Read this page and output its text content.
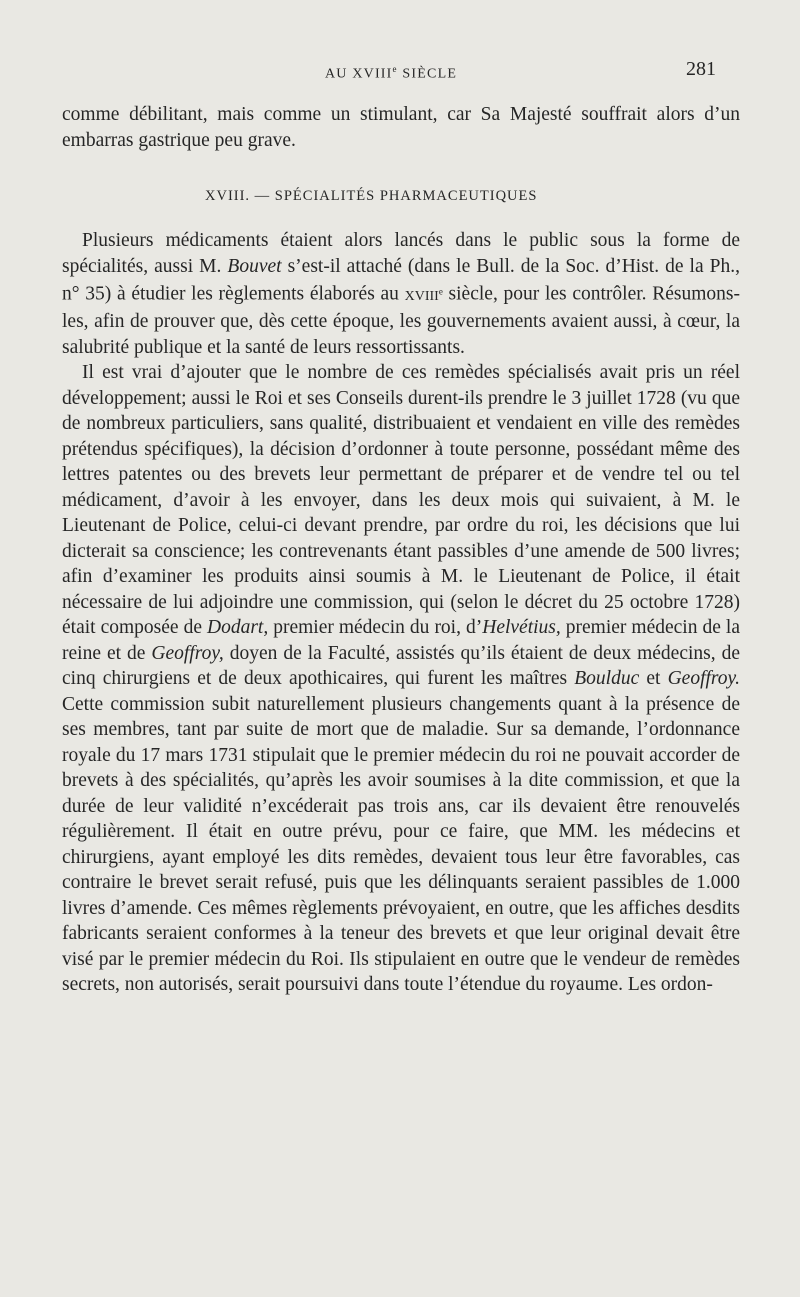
AU XVIIIe SIÈCLE	281
comme débilitant, mais comme un stimulant, car Sa Majesté souffrait alors d’un embarras gastrique peu grave.
XVIII. — SPÉCIALITÉS PHARMACEUTIQUES

Plusieurs médicaments étaient alors lancés dans le public sous la forme de spécialités, aussi M. Bouvet s’est-il attaché (dans le Bull. de la Soc. d’Hist. de la Ph., n° 35) à étudier les règlements élaborés au XVIIIe siècle, pour les contrôler. Résumons-les, afin de prouver que, dès cette époque, les gouvernements avaient aussi, à cœur, la salubrité publique et la santé de leurs ressortissants.

Il est vrai d’ajouter que le nombre de ces remèdes spécialisés avait pris un réel développement; aussi le Roi et ses Conseils durent-ils prendre le 3 juillet 1728 (vu que de nombreux particuliers, sans qualité, distribuaient et vendaient en ville des remèdes prétendus spécifiques), la décision d’ordonner à toute personne, possédant même des lettres patentes ou des brevets leur permettant de préparer et de vendre tel ou tel médicament, d’avoir à les envoyer, dans les deux mois qui suivaient, à M. le Lieutenant de Police, celui-ci devant prendre, par ordre du roi, les décisions que lui dicterait sa conscience; les contrevenants étant passibles d’une amende de 500 livres; afin d’examiner les produits ainsi soumis à M. le Lieutenant de Police, il était nécessaire de lui adjoindre une commission, qui (selon le décret du 25 octobre 1728) était composée de Dodart, premier médecin du roi, d’Helvétius, premier médecin de la reine et de Geoffroy, doyen de la Faculté, assistés qu’ils étaient de deux médecins, de cinq chirurgiens et de deux apothicaires, qui furent les maîtres Boulduc et Geoffroy. Cette commission subit naturellement plusieurs changements quant à la présence de ses membres, tant par suite de mort que de maladie. Sur sa demande, l’ordonnance royale du 17 mars 1731 stipulait que le premier médecin du roi ne pouvait accorder de brevets à des spécialités, qu’après les avoir soumises à la dite commission, et que la durée de leur validité n’excéderait pas trois ans, car ils devaient être renouvelés régulièrement. Il était en outre prévu, pour ce faire, que MM. les médecins et chirurgiens, ayant employé les dits remèdes, devaient tous leur être favorables, cas contraire le brevet serait refusé, puis que les délinquants seraient passibles de 1.000 livres d’amende. Ces mêmes règlements prévoyaient, en outre, que les affiches desdits fabricants seraient conformes à la teneur des brevets et que leur original devait être visé par le premier médecin du Roi. Ils stipulaient en outre que le vendeur de remèdes secrets, non autorisés, serait poursuivi dans toute l’étendue du royaume. Les ordon-
